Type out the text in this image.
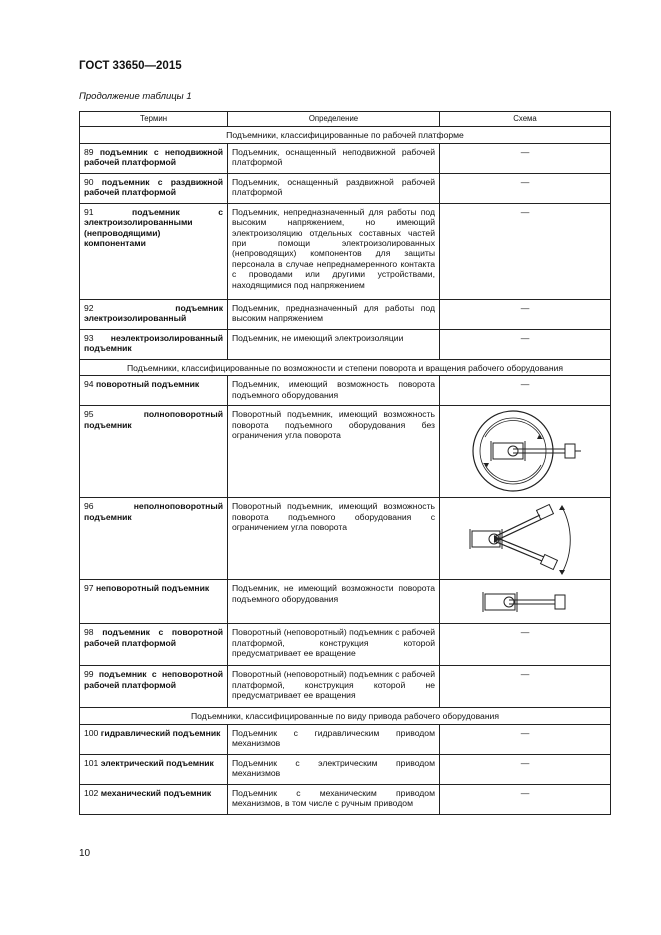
ГОСТ 33650—2015
Продолжение таблицы 1
Термин	Определение	Схема
Подъемники, классифицированные по рабочей платформе		
89 подъемник с неподвижной рабочей платформой	Подъемник, оснащенный неподвижной рабочей платформой	—
90 подъемник с раздвижной рабочей платформой	Подъемник, оснащенный раздвижной рабочей платформой	—
91 подъемник с электроизолированными (непроводящими) компонентами	Подъемник, непредназначенный для работы под высоким напряжением, но имеющий электроизоляцию отдельных составных частей при помощи электроизолированных (непроводящих) компонентов для защиты персонала в случае непреднамеренного контакта с проводами или другими устройствами, находящимися под напряжением	—
92 подъемник электроизолированный	Подъемник, предназначенный для работы под высоким напряжением	—
93 неэлектроизолированный подъемник	Подъемник, не имеющий электроизоляции	—
Подъемники, классифицированные по возможности и степени поворота и вращения рабочего оборудования		
94 поворотный подъемник	Подъемник, имеющий возможность поворота подъемного оборудования	—
95 полноповоротный подъемник	Поворотный подъемник, имеющий возможность поворота подъемного оборудования без ограничения угла поворота	

96 неполноповоротный подъемник	Поворотный подъемник, имеющий возможность поворота подъемного оборудования с ограничением угла поворота	

97 неповоротный подъемник	Подъемник, не имеющий возможности поворота подъемного оборудования	

98 подъемник с поворотной рабочей платформой	Поворотный (неповоротный) подъемник с рабочей платформой, конструкция которой предусматривает ее вращение	—
99 подъемник с неповоротной рабочей платформой	Поворотный (неповоротный) подъемник с рабочей платформой, конструкция которой не предусматривает ее вращения	—
Подъемники, классифицированные по виду привода рабочего оборудования		
100 гидравлический подъемник	Подъемник с гидравлическим приводом механизмов	—
101 электрический подъемник	Подъемник с электрическим приводом механизмов	—
102 механический подъемник	Подъемник с механическим приводом механизмов, в том числе с ручным приводом	—
10
